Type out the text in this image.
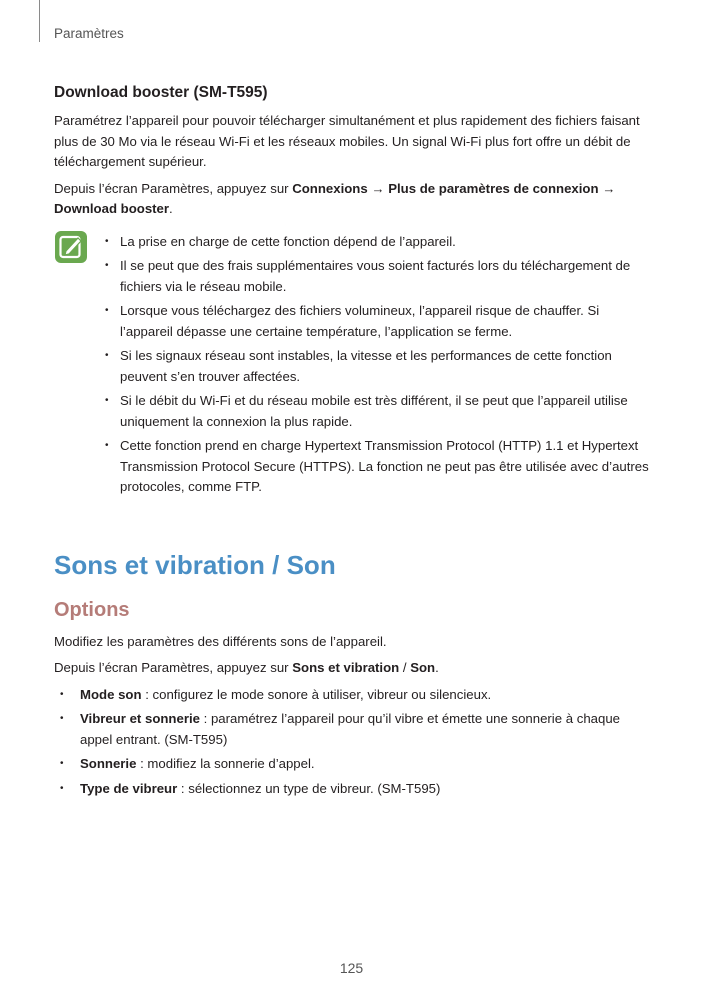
Paramètres
Download booster (SM-T595)

Paramétrez l’appareil pour pouvoir télécharger simultanément et plus rapidement des fichiers faisant plus de 30 Mo via le réseau Wi-Fi et les réseaux mobiles. Un signal Wi-Fi plus fort offre un débit de téléchargement supérieur.

Depuis l’écran Paramètres, appuyez sur Connexions → Plus de paramètres de connexion → Download booster.

• La prise en charge de cette fonction dépend de l’appareil.
• Il se peut que des frais supplémentaires vous soient facturés lors du téléchargement de fichiers via le réseau mobile.
• Lorsque vous téléchargez des fichiers volumineux, l’appareil risque de chauffer. Si l’appareil dépasse une certaine température, l’application se ferme.
• Si les signaux réseau sont instables, la vitesse et les performances de cette fonction peuvent s’en trouver affectées.
• Si le débit du Wi-Fi et du réseau mobile est très différent, il se peut que l’appareil utilise uniquement la connexion la plus rapide.
• Cette fonction prend en charge Hypertext Transmission Protocol (HTTP) 1.1 et Hypertext Transmission Protocol Secure (HTTPS). La fonction ne peut pas être utilisée avec d’autres protocoles, comme FTP.
Sons et vibration / Son
Options

Modifiez les paramètres des différents sons de l’appareil.

Depuis l’écran Paramètres, appuyez sur Sons et vibration / Son.

• Mode son : configurez le mode sonore à utiliser, vibreur ou silencieux.
• Vibreur et sonnerie : paramétrez l’appareil pour qu’il vibre et émette une sonnerie à chaque appel entrant. (SM-T595)
• Sonnerie : modifiez la sonnerie d’appel.
• Type de vibreur : sélectionnez un type de vibreur. (SM-T595)
125
